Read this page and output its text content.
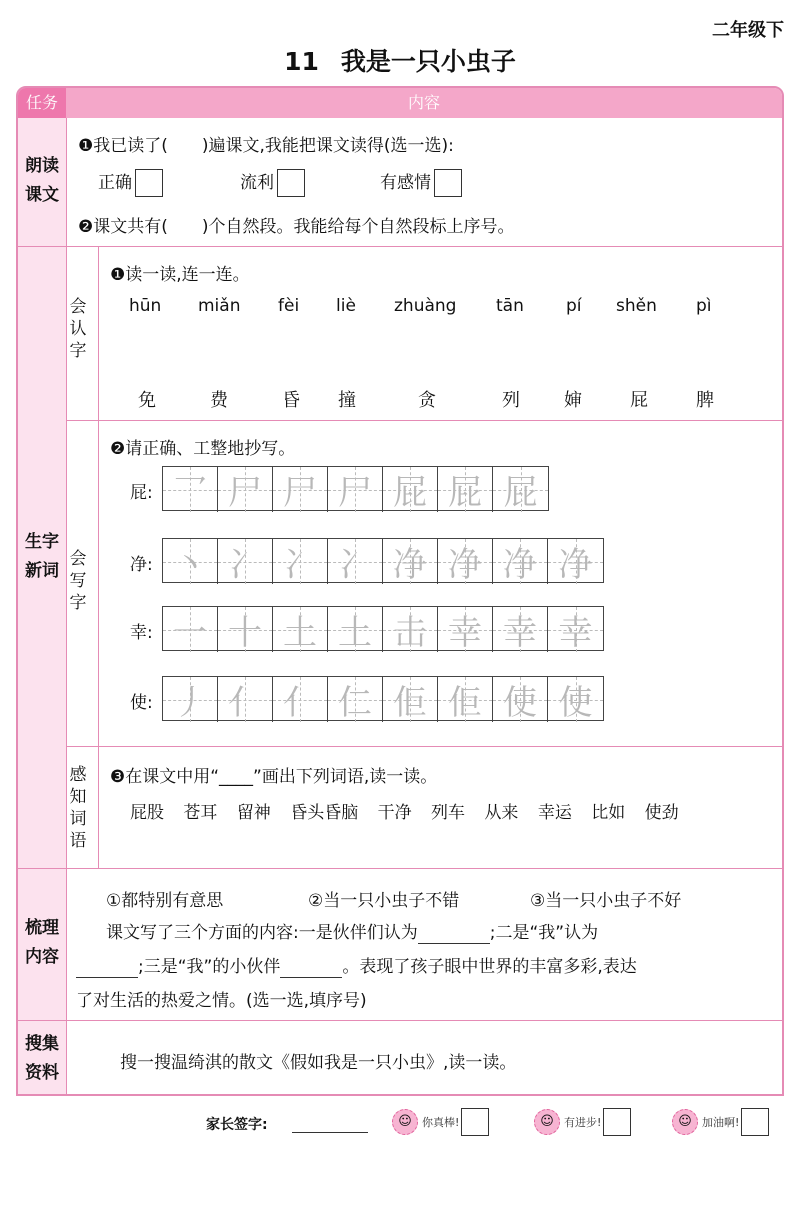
二年级下
11 我是一只小虫子
任务	内容
朗读
课文
❶我已读了(　　)遍课文,我能把课文读得(选一选):
正确	流利	有感情
❷课文共有(　　)个自然段。我能给每个自然段标上序号。
生字
新词
会认字
❶读一读,连一连。
hūn miǎn fèi liè zhuàng tān pí shěn pì
免	费	昏 撞	贪	列 婶	屁	脾
会写字
❷请正确、工整地抄写。
屁: 乛 尸 尸 尸 屁 屁 屁
净: 丶 冫 冫 冫 净 净 净 净
幸: 一 十 土 土 击 幸 幸 幸
使: 丿 亻 亻 仁 佢 佢 使 使
感知词语
❸在课文中用“____”画出下列词语,读一读。
屁股 苍耳 留神 昏头昏脑 干净 列车 从来 幸运 比如 使劲
梳理
内容
①都特别有意思	②当一只小虫子不错	③当一只小虫子不好
课文写了三个方面的内容:一是伙伴们认为	;二是“我”认为
;三是“我”的小伙伴	。表现了孩子眼中世界的丰富多彩,表达
了对生活的热爱之情。(选一选,填序号)
搜集
资料	搜一搜温绮淇的散文《假如我是一只小虫》,读一读。
家长签字:	☺ 你真棒!	☺ 有进步!	☺ 加油啊!
